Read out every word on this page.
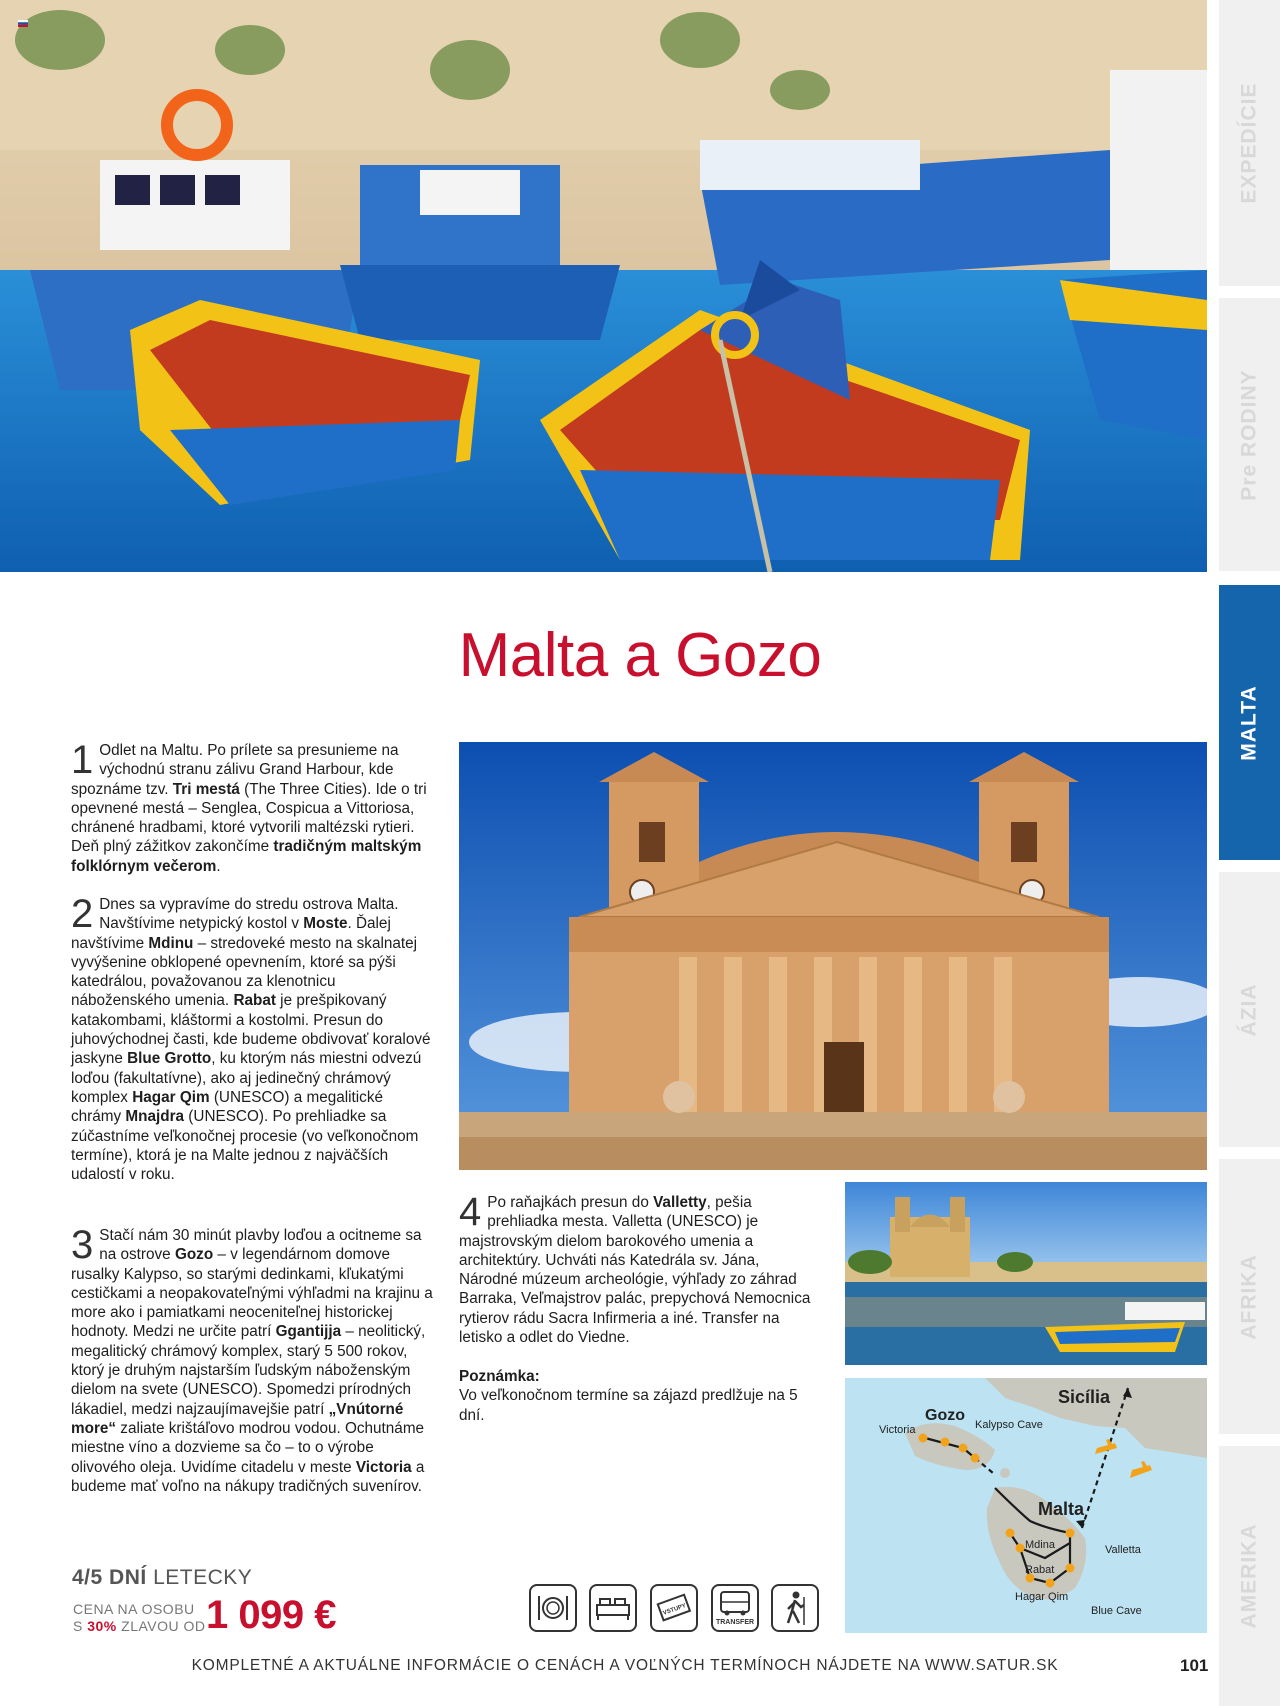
EXPEDÍCIE
Pre RODINY
MALTA
ÁZIA
AFRIKA
AMERIKA
Malta a Gozo
1 Odlet na Maltu. Po prílete sa presunieme na východnú stranu zálivu Grand Harbour, kde spoznáme tzv. Tri mestá (The Three Cities). Ide o tri opevnené mestá – Senglea, Cospicua a Vittoriosa, chránené hradbami, ktoré vytvorili maltézski rytieri. Deň plný zážitkov zakončíme tradičným maltským folklórnym večerom.
2 Dnes sa vypravíme do stredu ostrova Malta. Navštívime netypický kostol v Moste. Ďalej navštívime Mdinu – stredoveké mesto na skalnatej vyvýšenine obklopené opevnením, ktoré sa pýši katedrálou, považovanou za klenotnicu náboženského umenia. Rabat je prešpikovaný katakombami, kláštormi a kostolmi. Presun do juhovýchodnej časti, kde budeme obdivovať koralové jaskyne Blue Grotto, ku ktorým nás miestni odvezú loďou (fakultatívne), ako aj jedinečný chrámový komplex Hagar Qim (UNESCO) a megalitické chrámy Mnajdra (UNESCO). Po prehliadke sa zúčastníme veľkonočnej procesie (vo veľkonočnom termíne), ktorá je na Malte jednou z najväčších udalostí v roku.
3 Stačí nám 30 minút plavby loďou a ocitneme sa na ostrove Gozo – v legendárnom domove rusalky Kalypso, so starými dedinkami, kľukatými cestičkami a neopakovateľnými výhľadmi na krajinu a more ako i pamiatkami neoceniteľnej historickej hodnoty. Medzi ne určite patrí Ggantijja – neolitický, megalitický chrámový komplex, starý 5 500 rokov, ktorý je druhým najstarším ľudským náboženským dielom na svete (UNESCO). Spomedzi prírodných lákadiel, medzi najzaujímavejšie patrí „Vnútorné more“ zaliate krištáľovo modrou vodou. Ochutnáme miestne víno a dozvieme sa čo – to o výrobe olivového oleja. Uvidíme citadelu v meste Victoria a budeme mať voľno na nákupy tradičných suvenírov.
4 Po raňajkách presun do Valletty, pešia prehliadka mesta. Valletta (UNESCO) je majstrovským dielom barokového umenia a architektúry. Uchváti nás Katedrála sv. Jána, Národné múzeum archeológie, výhľady zo záhrad Barraka, Veľmajstrov palác, prepychová Nemocnica rytierov rádu Sacra Infirmeria a iné. Transfer na letisko a odlet do Viedne.
Poznámka:
Vo veľkonočnom termíne sa zájazd predlžuje na 5 dní.
Sicília
Gozo
Victoria	Kalypso Cave
Malta
Mdina	Valletta
Rabat
Hagar Qim
Blue Cave
4/5 DNÍ LETECKY
CENA NA OSOBU
S 30% ZLAVOU OD 1 099 €	VSTUPY
TRANSFER
KOMPLETNÉ A AKTUÁLNE INFORMÁCIE O CENÁCH A VOĽNÝCH TERMÍNOCH NÁJDETE NA WWW.SATUR.SK	101
